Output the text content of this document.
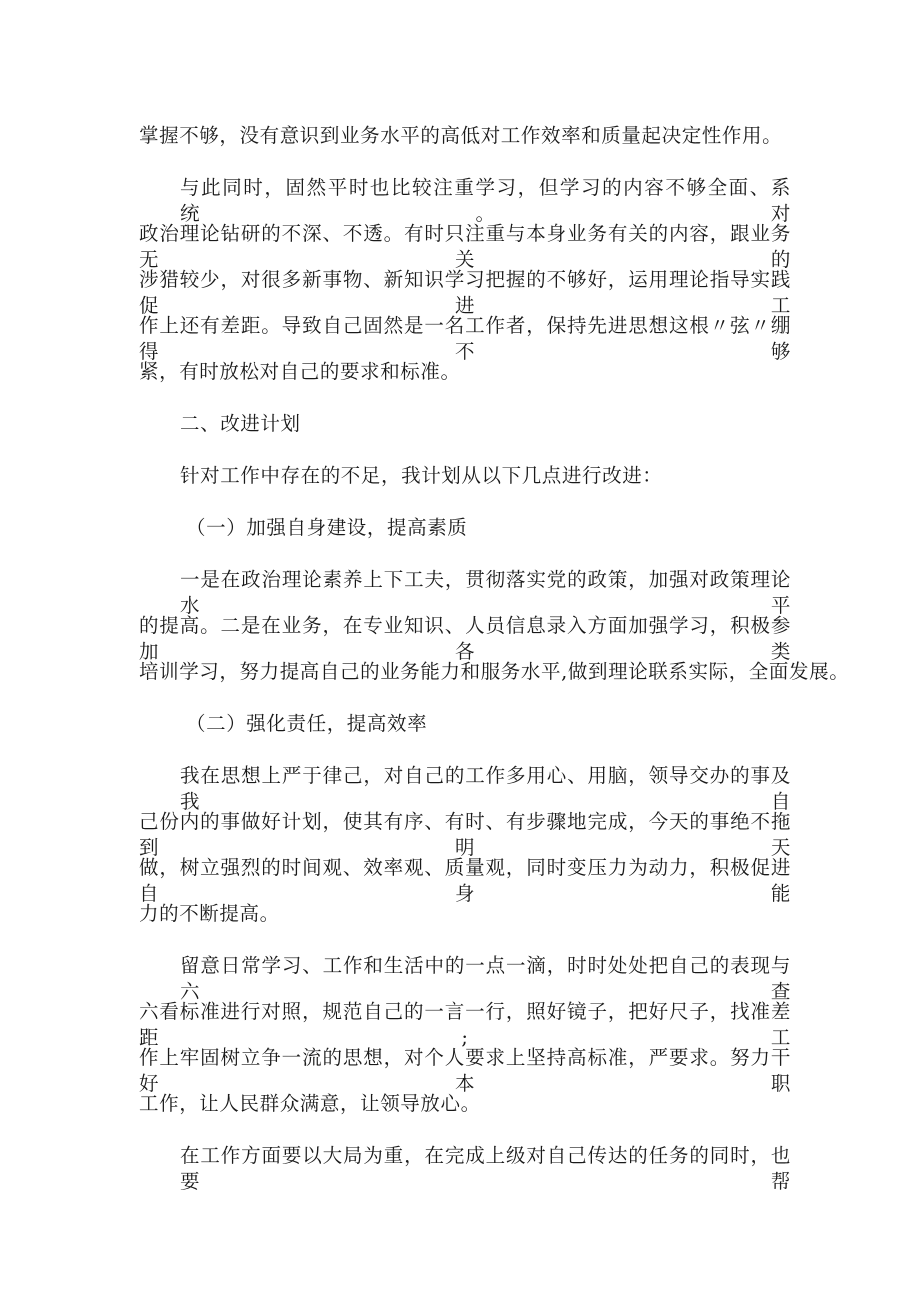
掌握不够，没有意识到业务水平的高低对工作效率和质量起决定性作用。
与此同时，固然平时也比较注重学习，但学习的内容不够全面、系统。对
政治理论钻研的不深、不透。有时只注重与本身业务有关的内容，跟业务无关的
涉猎较少，对很多新事物、新知识学习把握的不够好，运用理论指导实践促进工
作上还有差距。导致自己固然是一名工作者，保持先进思想这根〃弦〃绷得不够
紧，有时放松对自己的要求和标准。
二、改进计划
针对工作中存在的不足，我计划从以下几点进行改进：
（一）加强自身建设，提高素质
一是在政治理论素养上下工夫，贯彻落实党的政策，加强对政策理论水平
的提高。二是在业务，在专业知识、人员信息录入方面加强学习，积极参加各类
培训学习，努力提高自己的业务能力和服务水平,做到理论联系实际，全面发展。
（二）强化责任，提高效率
我在思想上严于律己，对自己的工作多用心、用脑，领导交办的事及我自
己份内的事做好计划，使其有序、有时、有步骤地完成，今天的事绝不拖到明天
做，树立强烈的时间观、效率观、质量观，同时变压力为动力，积极促进自身能
力的不断提高。
留意日常学习、工作和生活中的一点一滴，时时处处把自己的表现与六查
六看标准进行对照，规范自己的一言一行，照好镜子，把好尺子，找准差距;工
作上牢固树立争一流的思想，对个人要求上坚持高标准，严要求。努力干好本职
工作，让人民群众满意，让领导放心。
在工作方面要以大局为重，在完成上级对自己传达的任务的同时，也要帮
